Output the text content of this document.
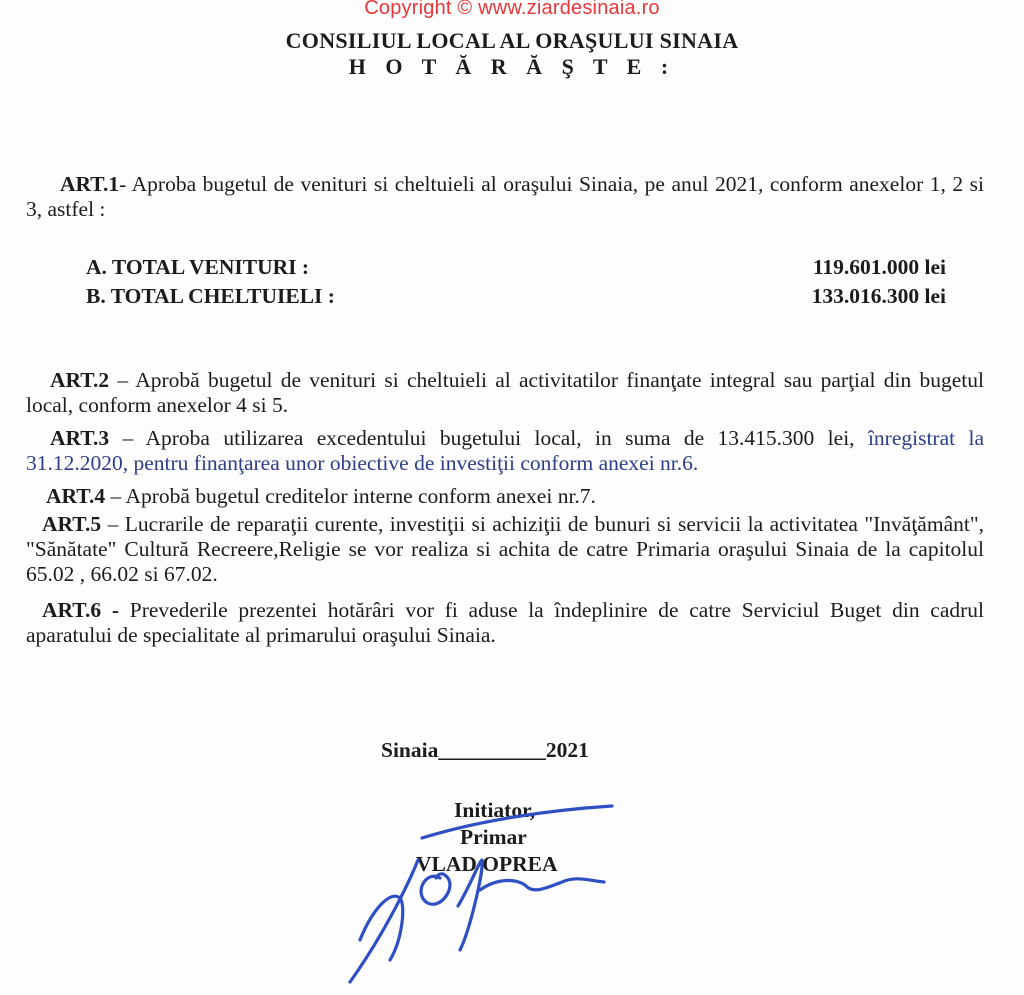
Copyright © www.ziardesinaia.ro
CONSILIUL LOCAL AL ORAŞULUI SINAIA
H O T Ă R Ă Ş T E :
ART.1- Aproba bugetul de venituri si cheltuieli al oraşului Sinaia, pe anul 2021, conform anexelor 1, 2 si 3, astfel :
A. TOTAL VENITURI :	119.601.000 lei
B. TOTAL CHELTUIELI :	133.016.300 lei
ART.2 – Aprobă bugetul de venituri si cheltuieli al activitatilor finanţate integral sau parţial din bugetul local, conform anexelor 4 si 5.
ART.3 – Aproba utilizarea excedentului bugetului local, in suma de 13.415.300 lei, înregistrat la 31.12.2020, pentru finanţarea unor obiective de investiţii conform anexei nr.6.
ART.4 – Aprobă bugetul creditelor interne conform anexei nr.7.
ART.5 – Lucrarile de reparaţii curente, investiţii si achiziţii de bunuri si servicii la activitatea "Invăţământ", "Sănătate" Cultură Recreere,Religie se vor realiza si achita de catre Primaria oraşului Sinaia de la capitolul 65.02 , 66.02 si 67.02.
ART.6 - Prevederile prezentei hotărâri vor fi aduse la îndeplinire de catre Serviciul Buget din cadrul aparatului de specialitate al primarului oraşului Sinaia.
Sinaia__________2021
Initiator,
Primar
VLAD OPREA
